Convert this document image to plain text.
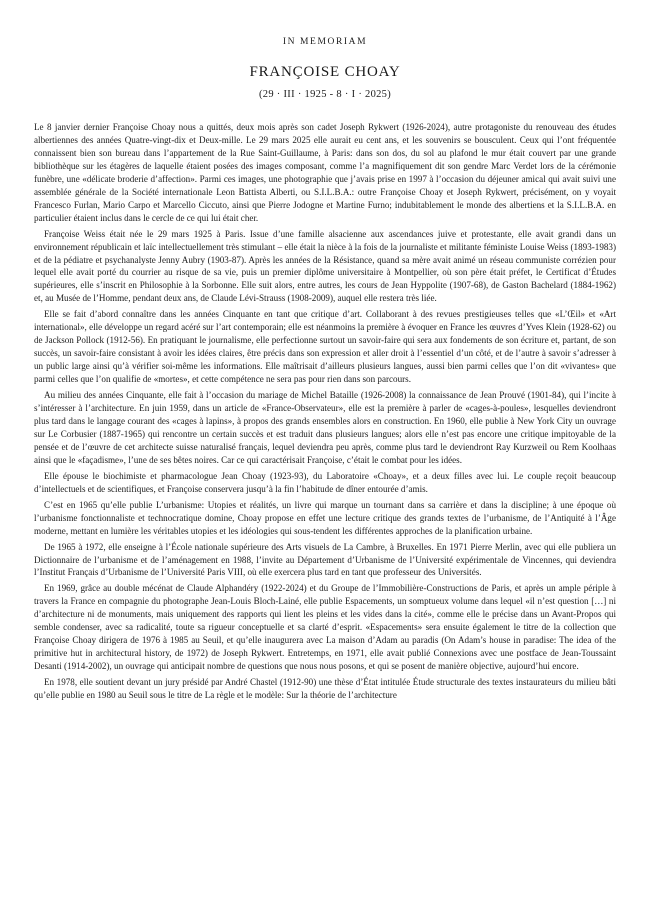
IN MEMORIAM
FRANÇOISE CHOAY
(29 · III · 1925 - 8 · I · 2025)

Le 8 janvier dernier Françoise Choay nous a quittés, deux mois après son cadet Joseph Rykwert (1926-2024), autre protagoniste du renouveau des études albertiennes des années Quatre-vingt-dix et Deux-mille. Le 29 mars 2025 elle aurait eu cent ans, et les souvenirs se bousculent. Ceux qui l’ont fréquentée connaissent bien son bureau dans l’appartement de la Rue Saint-Guillaume, à Paris: dans son dos, du sol au plafond le mur était couvert par une grande bibliothèque sur les étagères de laquelle étaient posées des images composant, comme l’a magnifiquement dit son gendre Marc Verdet lors de la cérémonie funèbre, une «délicate broderie d’affection». Parmi ces images, une photographie que j’avais prise en 1997 à l’occasion du déjeuner amical qui avait suivi une assemblée générale de la Société internationale Leon Battista Alberti, ou S.I.L.B.A.: outre Françoise Choay et Joseph Rykwert, précisément, on y voyait Francesco Furlan, Mario Carpo et Marcello Ciccuto, ainsi que Pierre Jodogne et Martine Furno; indubitablement le monde des albertiens et la S.I.L.B.A. en particulier étaient inclus dans le cercle de ce qui lui était cher.

Françoise Weiss était née le 29 mars 1925 à Paris. Issue d’une famille alsacienne aux ascendances juive et protestante, elle avait grandi dans un environnement républicain et laïc intellectuellement très stimulant – elle était la nièce à la fois de la journaliste et militante féministe Louise Weiss (1893-1983) et de la pédiatre et psychanalyste Jenny Aubry (1903-87). Après les années de la Résistance, quand sa mère avait animé un réseau communiste corrézien pour lequel elle avait porté du courrier au risque de sa vie, puis un premier diplôme universitaire à Montpellier, où son père était préfet, le Certificat d’Études supérieures, elle s’inscrit en Philosophie à la Sorbonne. Elle suit alors, entre autres, les cours de Jean Hyppolite (1907-68), de Gaston Bachelard (1884-1962) et, au Musée de l’Homme, pendant deux ans, de Claude Lévi-Strauss (1908-2009), auquel elle restera très liée.

Elle se fait d’abord connaître dans les années Cinquante en tant que critique d’art. Collaborant à des revues prestigieuses telles que «L’Œil» et «Art international», elle développe un regard acéré sur l’art contemporain; elle est néanmoins la première à évoquer en France les œuvres d’Yves Klein (1928-62) ou de Jackson Pollock (1912-56). En pratiquant le journalisme, elle perfectionne surtout un savoir-faire qui sera aux fondements de son écriture et, partant, de son succès, un savoir-faire consistant à avoir les idées claires, être précis dans son expression et aller droit à l’essentiel d’un côté, et de l’autre à savoir s’adresser à un public large ainsi qu’à vérifier soi-même les informations. Elle maîtrisait d’ailleurs plusieurs langues, aussi bien parmi celles que l’on dit «vivantes» que parmi celles que l’on qualifie de «mortes», et cette compétence ne sera pas pour rien dans son parcours.

Au milieu des années Cinquante, elle fait à l’occasion du mariage de Michel Bataille (1926-2008) la connaissance de Jean Prouvé (1901-84), qui l’incite à s’intéresser à l’architecture. En juin 1959, dans un article de «France-Observateur», elle est la première à parler de «cages-à-poules», lesquelles deviendront plus tard dans le langage courant des «cages à lapins», à propos des grands ensembles alors en construction. En 1960, elle publie à New York City un ouvrage sur Le Corbusier (1887-1965) qui rencontre un certain succès et est traduit dans plusieurs langues; alors elle n’est pas encore une critique impitoyable de la pensée et de l’œuvre de cet architecte suisse naturalisé français, lequel deviendra peu après, comme plus tard le deviendront Ray Kurzweil ou Rem Koolhaas ainsi que le «façadisme», l’une de ses bêtes noires. Car ce qui caractérisait Françoise, c’était le combat pour les idées.

Elle épouse le biochimiste et pharmacologue Jean Choay (1923-93), du Laboratoire «Choay», et a deux filles avec lui. Le couple reçoit beaucoup d’intellectuels et de scientifiques, et Françoise conservera jusqu’à la fin l’habitude de dîner entourée d’amis.

C’est en 1965 qu’elle publie L’urbanisme: Utopies et réalités, un livre qui marque un tournant dans sa carrière et dans la discipline; à une époque où l’urbanisme fonctionnaliste et technocratique domine, Choay propose en effet une lecture critique des grands textes de l’urbanisme, de l’Antiquité à l’Âge moderne, mettant en lumière les véritables utopies et les idéologies qui sous-tendent les différentes approches de la planification urbaine.

De 1965 à 1972, elle enseigne à l’École nationale supérieure des Arts visuels de La Cambre, à Bruxelles. En 1971 Pierre Merlin, avec qui elle publiera un Dictionnaire de l’urbanisme et de l’aménagement en 1988, l’invite au Département d’Urbanisme de l’Université expérimentale de Vincennes, qui deviendra l’Institut Français d’Urbanisme de l’Université Paris VIII, où elle exercera plus tard en tant que professeur des Universités.

En 1969, grâce au double mécénat de Claude Alphandéry (1922-2024) et du Groupe de l’Immobilière-Constructions de Paris, et après un ample périple à travers la France en compagnie du photographe Jean-Louis Bloch-Lainé, elle publie Espacements, un somptueux volume dans lequel «il n’est question […] ni d’architecture ni de monuments, mais uniquement des rapports qui lient les pleins et les vides dans la cité», comme elle le précise dans un Avant-Propos qui semble condenser, avec sa radicalité, toute sa rigueur conceptuelle et sa clarté d’esprit. «Espacements» sera ensuite également le titre de la collection que Françoise Choay dirigera de 1976 à 1985 au Seuil, et qu’elle inaugurera avec La maison d’Adam au paradis (On Adam’s house in paradise: The idea of the primitive hut in architectural history, de 1972) de Joseph Rykwert. Entretemps, en 1971, elle avait publié Connexions avec une postface de Jean-Toussaint Desanti (1914-2002), un ouvrage qui anticipait nombre de questions que nous nous posons, et qui se posent de manière objective, aujourd’hui encore.

En 1978, elle soutient devant un jury présidé par André Chastel (1912-90) une thèse d’État intitulée Étude structurale des textes instaurateurs du milieu bâti qu’elle publie en 1980 au Seuil sous le titre de La règle et le modèle: Sur la théorie de l’architecture
